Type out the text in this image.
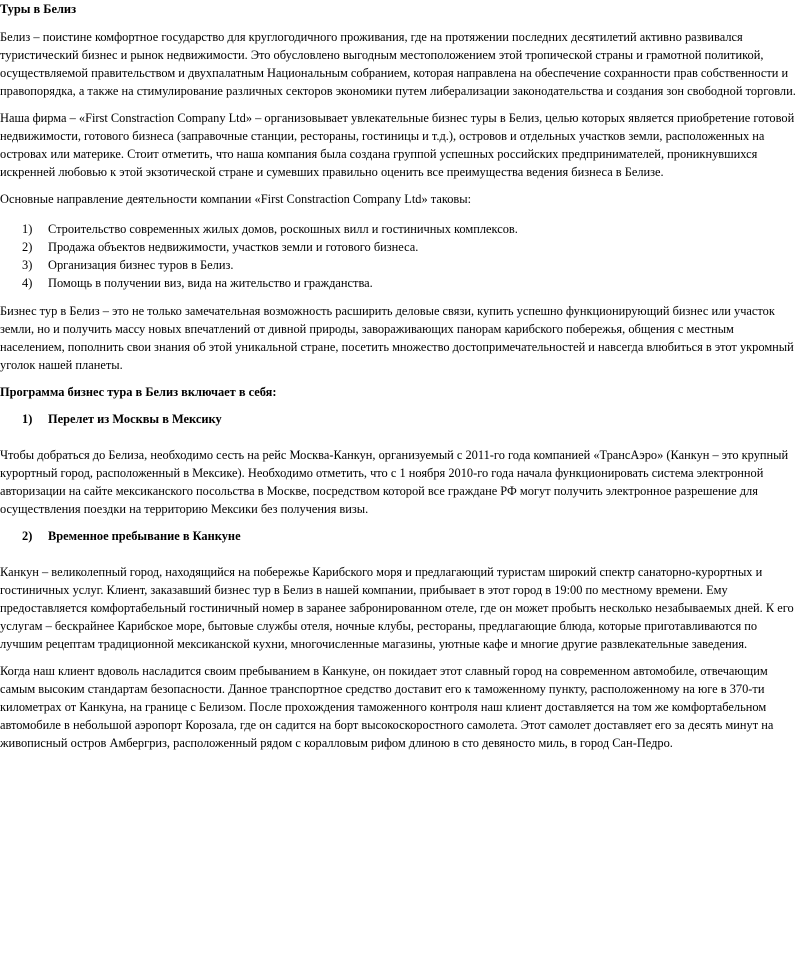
Туры в Белиз

Белиз – поистине комфортное государство для круглогодичного проживания, где на протяжении последних десятилетий активно развивался туристический бизнес и рынок недвижимости. Это обусловлено выгодным местоположением этой тропической страны и грамотной политикой, осуществляемой правительством и двухпалатным Национальным собранием, которая направлена на обеспечение сохранности прав собственности и правопорядка, а также на стимулирование различных секторов экономики путем либерализации законодательства и создания зон свободной торговли.

Наша фирма – «First Constraction Company Ltd» – организовывает увлекательные бизнес туры в Белиз, целью которых является приобретение готовой недвижимости, готового бизнеса (заправочные станции, рестораны, гостиницы и т.д.), островов и отдельных участков земли, расположенных на островах или материке. Стоит отметить, что наша компания была создана группой успешных российских предпринимателей, проникнувшихся искренней любовью к этой экзотической стране и сумевших правильно оценить все преимущества ведения бизнеса в Белизе.

Основные направление деятельности компании «First Constraction Company Ltd» таковы:

1)	Строительство современных жилых домов, роскошных вилл и гостиничных комплексов.
2)	Продажа объектов недвижимости, участков земли и готового бизнеса.
3)	Организация бизнес туров в Белиз.
4)	Помощь в получении виз, вида на жительство и гражданства.

Бизнес тур в Белиз – это не только замечательная возможность расширить деловые связи, купить успешно функционирующий бизнес или участок земли, но и получить массу новых впечатлений от дивной природы, завораживающих панорам карибского побережья, общения с местным населением, пополнить свои знания об этой уникальной стране, посетить множество достопримечательностей и навсегда влюбиться в этот укромный уголок нашей планеты.

Программа бизнес тура в Белиз включает в себя:

1)	Перелет из Москвы в Мексику

Чтобы добраться до Белиза, необходимо сесть на рейс Москва-Канкун, организуемый с 2011-го года компанией «ТрансАэро» (Канкун – это крупный курортный город, расположенный в Мексике). Необходимо отметить, что с 1 ноября 2010-го года начала функционировать система электронной авторизации на сайте мексиканского посольства в Москве, посредством которой все граждане РФ могут получить электронное разрешение для осуществления поездки на территорию Мексики без получения визы.

2)	Временное пребывание в Канкуне

Канкун – великолепный город, находящийся на побережье Карибского моря и предлагающий туристам широкий спектр санаторно-курортных и гостиничных услуг. Клиент, заказавший бизнес тур в Белиз в нашей компании, прибывает в этот город в 19:00 по местному времени. Ему предоставляется комфортабельный гостиничный номер в заранее забронированном отеле, где он может пробыть несколько незабываемых дней. К его услугам – бескрайнее Карибское море, бытовые службы отеля, ночные клубы, рестораны, предлагающие блюда, которые приготавливаются по лучшим рецептам традиционной мексиканской кухни, многочисленные магазины, уютные кафе и многие другие развлекательные заведения.

Когда наш клиент вдоволь насладится своим пребыванием в Канкуне, он покидает этот славный город на современном автомобиле, отвечающим самым высоким стандартам безопасности. Данное транспортное средство доставит его к таможенному пункту, расположенному на юге в 370-ти километрах от Канкуна, на границе с Белизом. После прохождения таможенного контроля наш клиент доставляется на том же комфортабельном автомобиле в небольшой аэропорт Корозала, где он садится на борт высокоскоростного самолета. Этот самолет доставляет его за десять минут на живописный остров Амбергриз, расположенный рядом с коралловым рифом длиною в сто девяносто миль, в город Сан-Педро.
